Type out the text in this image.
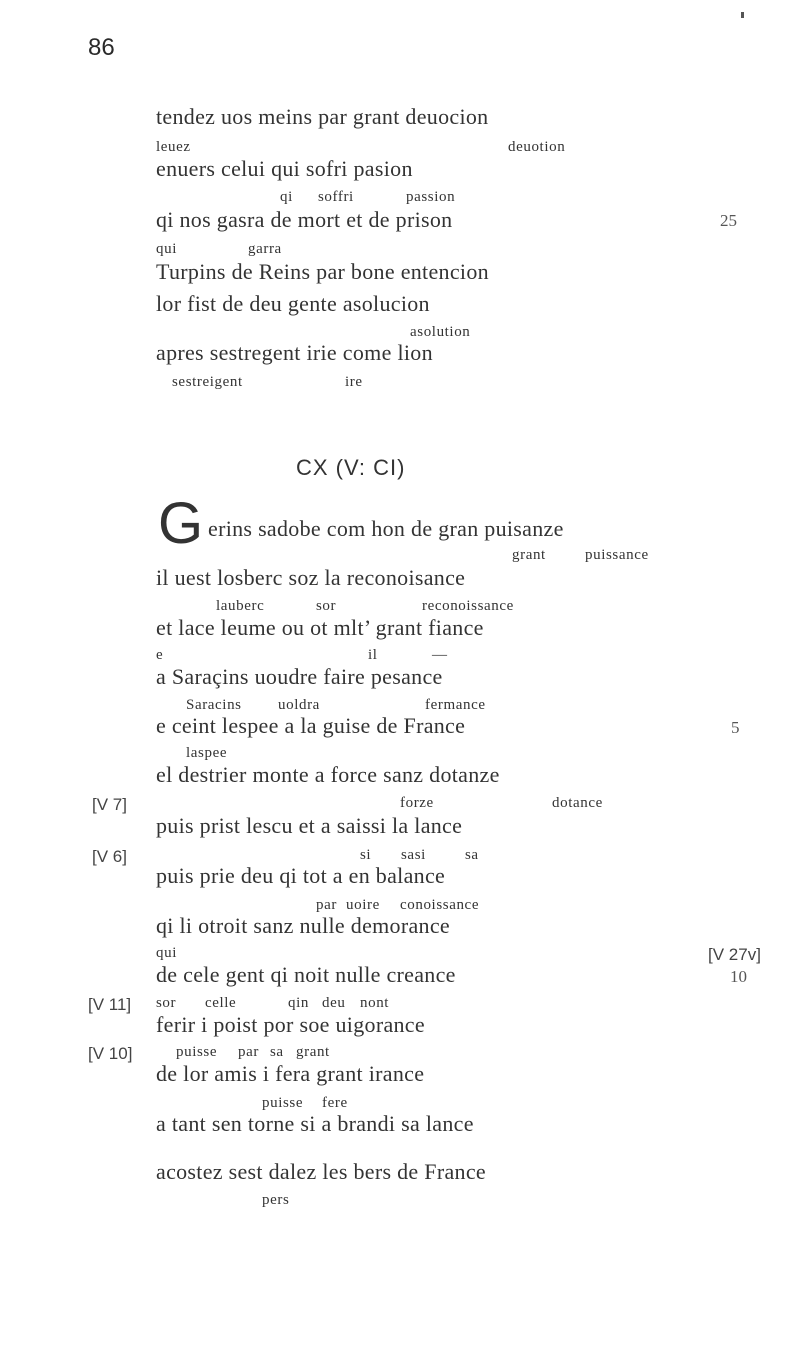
86
tendez uos meins par grant deuocion
leuez	deuotion
enuers celui qui sofri pasion
qi soffri	passion
qi nos gasra de mort et de prison
qui	garra
25
Turpins de Reins par bone entencion
lor fist de deu gente asolucion
asolution
apres sestregent irie come lion
sestreigent	ire
CX (V: CI)
G erins sadobe com hon de gran puisanze
grant	puissance
il uest losberc soz la reconoisance
lauberc	sor	reconoissance
et lace leume ou ot mlt’ grant fiance
e	il	—
a Saraçins uoudre faire pesance
Saracins uoldra	fermance
e ceint lespee a la guise de France
laspee
5
el destrier monte a force sanz dotanze
forze	dotance
[V 7]
puis prist lescu et a saissi la lance
si sasi	sa
[V 6]
puis prie deu qi tot a en balance
par uoire conoissance
qi li otroit sanz nulle demorance
qui	[V 27v]
de cele gent qi noit nulle creance
sor celle	qin deu nont
10
[V 11]
ferir i poist por soe uigorance
puisse par sa grant
[V 10]
de lor amis i fera grant irance
puisse fere
a tant sen torne si a brandi sa lance
acostez sest dalez les bers de France
pers
